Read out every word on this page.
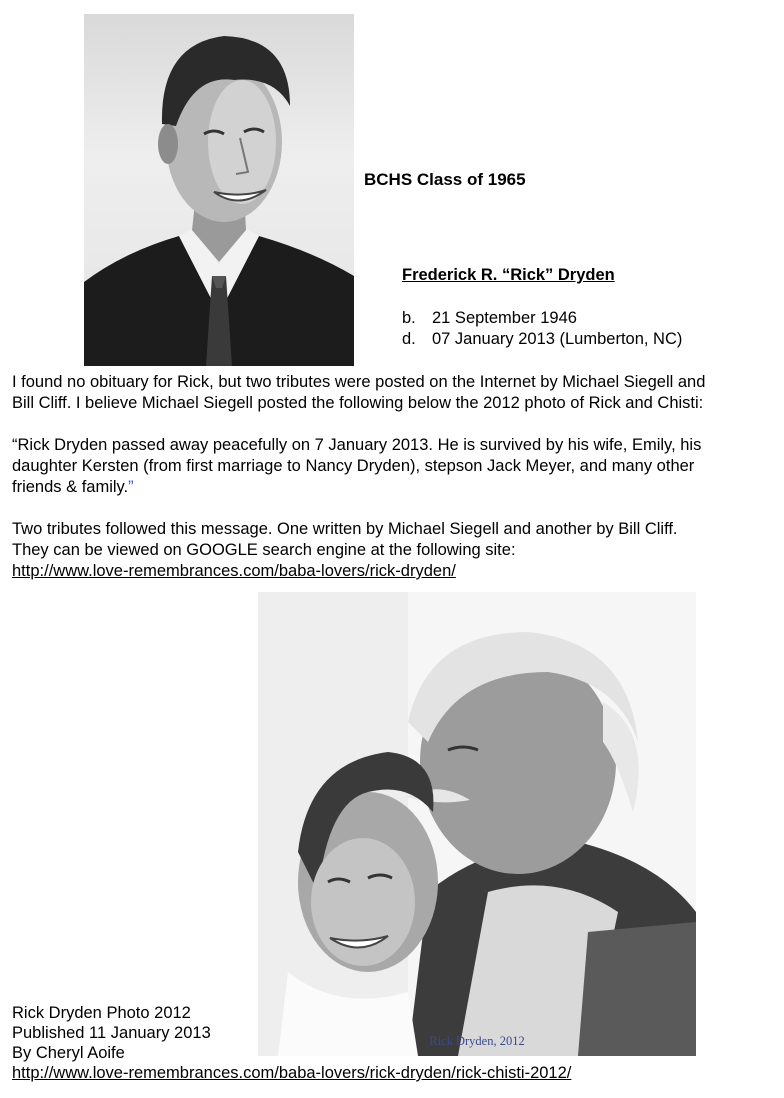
BCHS Class of 1965
Frederick R. “Rick” Dryden
b. 21 September 1946
d. 07 January 2013 (Lumberton, NC)
I found no obituary for Rick, but two tributes were posted on the Internet by Michael Siegell and
Bill Cliff. I believe Michael Siegell posted the following below the 2012 photo of Rick and Chisti:
“Rick Dryden passed away peacefully on 7 January 2013. He is survived by his wife, Emily, his
daughter Kersten (from first marriage to Nancy Dryden), stepson Jack Meyer, and many other
friends & family.”
Two tributes followed this message. One written by Michael Siegell and another by Bill Cliff.
They can be viewed on GOOGLE search engine at the following site:
http://www.love-remembrances.com/baba-lovers/rick-dryden/
Rick Dryden, 2012
Rick Dryden Photo 2012
Published 11 January 2013
By Cheryl Aoife
http://www.love-remembrances.com/baba-lovers/rick-dryden/rick-chisti-2012/
